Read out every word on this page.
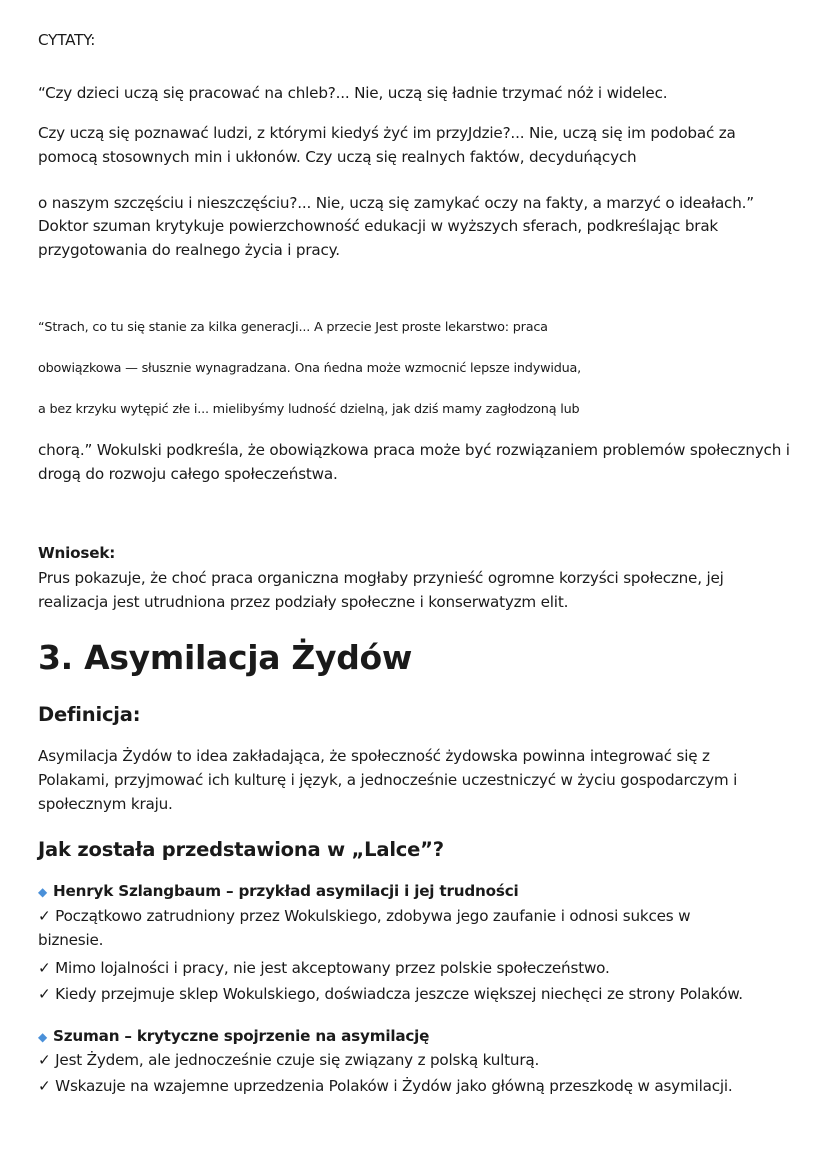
CYTATY:
“Czy dzieci uczą się pracować na chleb?... Nie, uczą się ładnie trzymać nóż i widelec.
Czy uczą się poznawać ludzi, z którymi kiedyś żyć im przyJdzie?... Nie, uczą się im podobać za
pomocą stosownych min i ukłonów. Czy uczą się realnych faktów, decyduńących
o naszym szczęściu i nieszczęściu?... Nie, uczą się zamykać oczy na fakty, a marzyć o ideałach.”
Doktor szuman krytykuje powierzchowność edukacji w wyższych sferach, podkreślając brak
przygotowania do realnego życia i pracy.
“Strach, co tu się stanie za kilka generacJi... A przecie Jest proste lekarstwo: praca
obowiązkowa — słusznie wynagradzana. Ona ńedna może wzmocnić lepsze indywidua,
a bez krzyku wytępić złe i... mielibyśmy ludność dzielną, jak dziś mamy zagłodzoną lub
chorą.” Wokulski podkreśla, że obowiązkowa praca może być rozwiązaniem problemów społecznych i
drogą do rozwoju całego społeczeństwa.
Wniosek:
Prus pokazuje, że choć praca organiczna mogłaby przynieść ogromne korzyści społeczne, jej
realizacja jest utrudniona przez podziały społeczne i konserwatyzm elit.
3. Asymilacja Żydów
Definicja:
Asymilacja Żydów to idea zakładająca, że społeczność żydowska powinna integrować się z
Polakami, przyjmować ich kulturę i język, a jednocześnie uczestniczyć w życiu gospodarczym i
społecznym kraju.
Jak została przedstawiona w „Lalce”?
◆ Henryk Szlangbaum – przykład asymilacji i jej trudności
✓ Początkowo zatrudniony przez Wokulskiego, zdobywa jego zaufanie i odnosi sukces w
biznesie.
✓ Mimo lojalności i pracy, nie jest akceptowany przez polskie społeczeństwo.
✓ Kiedy przejmuje sklep Wokulskiego, doświadcza jeszcze większej niechęci ze strony Polaków.
◆ Szuman – krytyczne spojrzenie na asymilację
✓ Jest Żydem, ale jednocześnie czuje się związany z polską kulturą.
✓ Wskazuje na wzajemne uprzedzenia Polaków i Żydów jako główną przeszkodę w asymilacji.
